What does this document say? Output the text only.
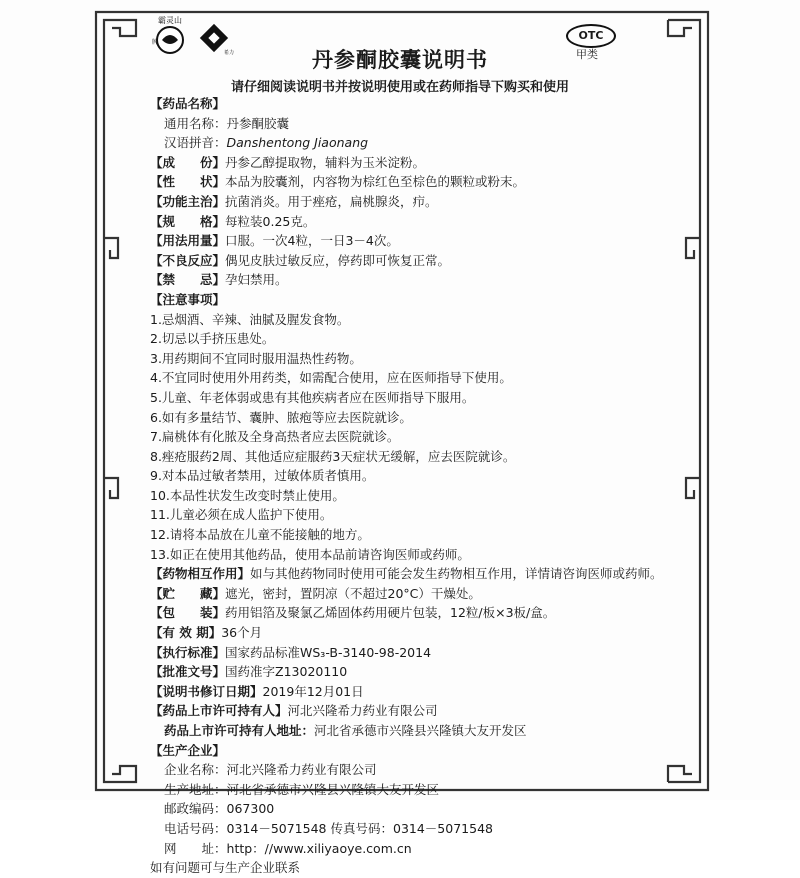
霸灵山
牌
希力
OTC
甲类
丹参酮胶囊说明书
请仔细阅读说明书并按说明使用或在药师指导下购买和使用
【药品名称】
通用名称：丹参酮胶囊
汉语拼音：Danshentong Jiaonang
【成　　份】丹参乙醇提取物，辅料为玉米淀粉。
【性　　状】本品为胶囊剂，内容物为棕红色至棕色的颗粒或粉末。
【功能主治】抗菌消炎。用于痤疮，扁桃腺炎，疖。
【规　　格】每粒装0.25克。
【用法用量】口服。一次4粒，一日3－4次。
【不良反应】偶见皮肤过敏反应，停药即可恢复正常。
【禁　　忌】孕妇禁用。
【注意事项】
1.忌烟酒、辛辣、油腻及腥发食物。
2.切忌以手挤压患处。
3.用药期间不宜同时服用温热性药物。
4.不宜同时使用外用药类，如需配合使用，应在医师指导下使用。
5.儿童、年老体弱或患有其他疾病者应在医师指导下服用。
6.如有多量结节、囊肿、脓疱等应去医院就诊。
7.扁桃体有化脓及全身高热者应去医院就诊。
8.痤疮服药2周、其他适应症服药3天症状无缓解，应去医院就诊。
9.对本品过敏者禁用，过敏体质者慎用。
10.本品性状发生改变时禁止使用。
11.儿童必须在成人监护下使用。
12.请将本品放在儿童不能接触的地方。
13.如正在使用其他药品，使用本品前请咨询医师或药师。
【药物相互作用】如与其他药物同时使用可能会发生药物相互作用，详情请咨询医师或药师。
【贮　　藏】遮光，密封，置阴凉（不超过20°C）干燥处。
【包　　装】药用铝箔及聚氯乙烯固体药用硬片包装，12粒/板×3板/盒。
【有 效 期】36个月
【执行标准】国家药品标准WS₃-B-3140-98-2014
【批准文号】国药准字Z13020110
【说明书修订日期】2019年12月01日
【药品上市许可持有人】河北兴隆希力药业有限公司
药品上市许可持有人地址：河北省承德市兴隆县兴隆镇大友开发区
【生产企业】
企业名称：河北兴隆希力药业有限公司
生产地址：河北省承德市兴隆县兴隆镇大友开发区
邮政编码：067300
电话号码：0314－5071548 传真号码：0314－5071548
网　　址：http：//www.xiliyaoye.com.cn
如有问题可与生产企业联系
